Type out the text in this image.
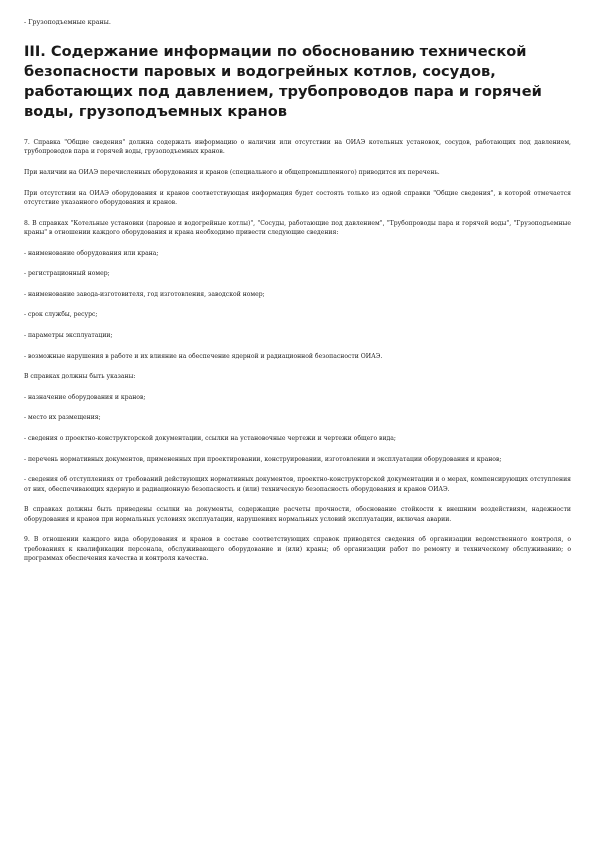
- Грузоподъемные краны.
III. Содержание информации по обоснованию технической безопасности паровых и водогрейных котлов, сосудов, работающих под давлением, трубопроводов пара и горячей воды, грузоподъемных кранов

7. Справка "Общие сведения" должна содержать информацию о наличии или отсутствии на ОИАЭ котельных установок, сосудов, работающих под давлением, трубопроводов пара и горячей воды, грузоподъемных кранов.

При наличии на ОИАЭ перечисленных оборудования и кранов (специального и общепромышленного) приводится их перечень.

При отсутствии на ОИАЭ оборудования и кранов соответствующая информация будет состоять только из одной справки "Общие сведения", в которой отмечается отсутствие указанного оборудования и кранов.

8. В справках "Котельные установки (паровые и водогрейные котлы)", "Сосуды, работающие под давлением", "Трубопроводы пара и горячей воды", "Грузоподъемные краны" в отношении каждого оборудования и крана необходимо привести следующие сведения:

- наименование оборудования или крана;

- регистрационный номер;

- наименование завода-изготовителя, год изготовления, заводской номер;

- срок службы, ресурс;

- параметры эксплуатации;

- возможные нарушения в работе и их влияние на обеспечение ядерной и радиационной безопасности ОИАЭ.

В справках должны быть указаны:

- назначение оборудования и кранов;

- место их размещения;

- сведения о проектно-конструкторской документации, ссылки на установочные чертежи и чертежи общего вида;

- перечень нормативных документов, примененных при проектировании, конструировании, изготовлении и эксплуатации оборудования и кранов;

- сведения об отступлениях от требований действующих нормативных документов, проектно-конструкторской документации и о мерах, компенсирующих отступления от них, обеспечивающих ядерную и радиационную безопасность и (или) техническую безопасность оборудования и кранов ОИАЭ.

В справках должны быть приведены ссылки на документы, содержащие расчеты прочности, обоснование стойкости к внешним воздействиям, надежности оборудования и кранов при нормальных условиях эксплуатации, нарушениях нормальных условий эксплуатации, включая аварии.

9. В отношении каждого вида оборудования и кранов в составе соответствующих справок приводятся сведения об организации ведомственного контроля, о требованиях к квалификации персонала, обслуживающего оборудование и (или) краны; об организации работ по ремонту и техническому обслуживанию; о программах обеспечения качества и контроля качества.
